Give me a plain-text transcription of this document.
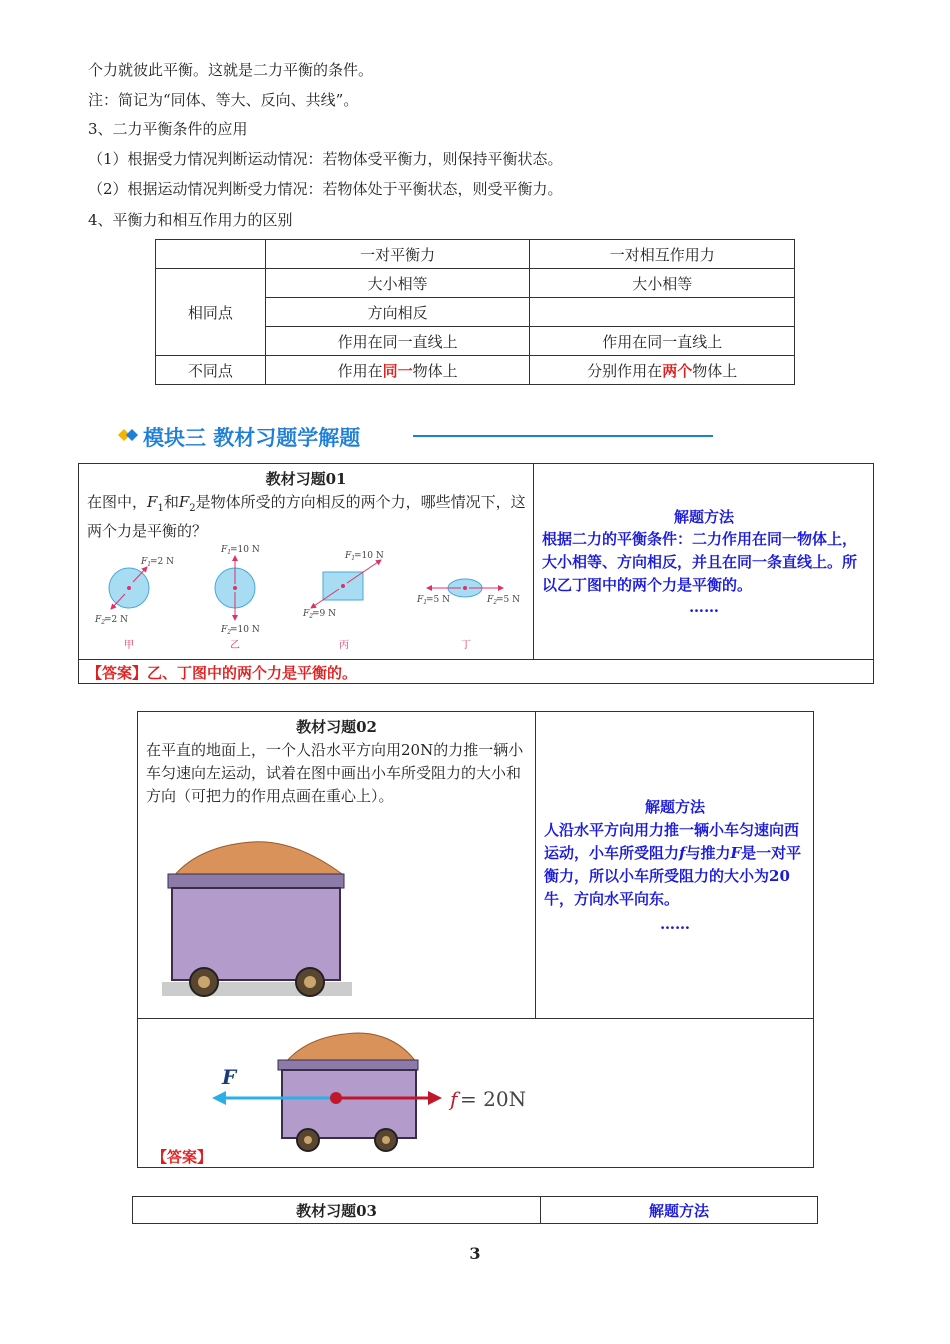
个力就彼此平衡。这就是二力平衡的条件。
注：简记为“同体、等大、反向、共线”。
3、二力平衡条件的应用
（1）根据受力情况判断运动情况：若物体受平衡力，则保持平衡状态。
（2）根据运动情况判断受力情况：若物体处于平衡状态，则受平衡力。
4、平衡力和相互作用力的区别
	一对平衡力	一对相互作用力
相同点	大小相等	大小相等
	方向相反	
	作用在同一直线上	作用在同一直线上
不同点	作用在同一物体上	分别作用在两个物体上
模块三 教材习题学解题
教材习题01
在图中，$F_1$和$F_2$是物体所受的方向相反的两个力，哪些情况下，这两个力是平衡的？
$F_1$
=2 N
$F_2$
=2 N
甲
$F_1$
=10 N
$F_2$
=10 N
乙
$F_1$
=10 N
$F_2$
=9 N
丙
$F_1$
=5 N	$F_2$
=5 N
丁
解题方法
根据二力的平衡条件：二力作用在同一物体上，大小相等、方向相反，并且在同一条直线上。所以乙丁图中的两个力是平衡的。
……
【答案】乙、丁图中的两个力是平衡的。
教材习题02
在平直的地面上，一个人沿水平方向用20N的力推一辆小车匀速向左运动，试着在图中画出小车所受阻力的大小和方向（可把力的作用点画在重心上）。
解题方法
人沿水平方向用力推一辆小车匀速向西运动，小车所受阻力f与推力F是一对平衡力，所以小车所受阻力的大小为20牛，方向水平向东。
……
F
f = 20N
【答案】
教材习题03	解题方法
3
